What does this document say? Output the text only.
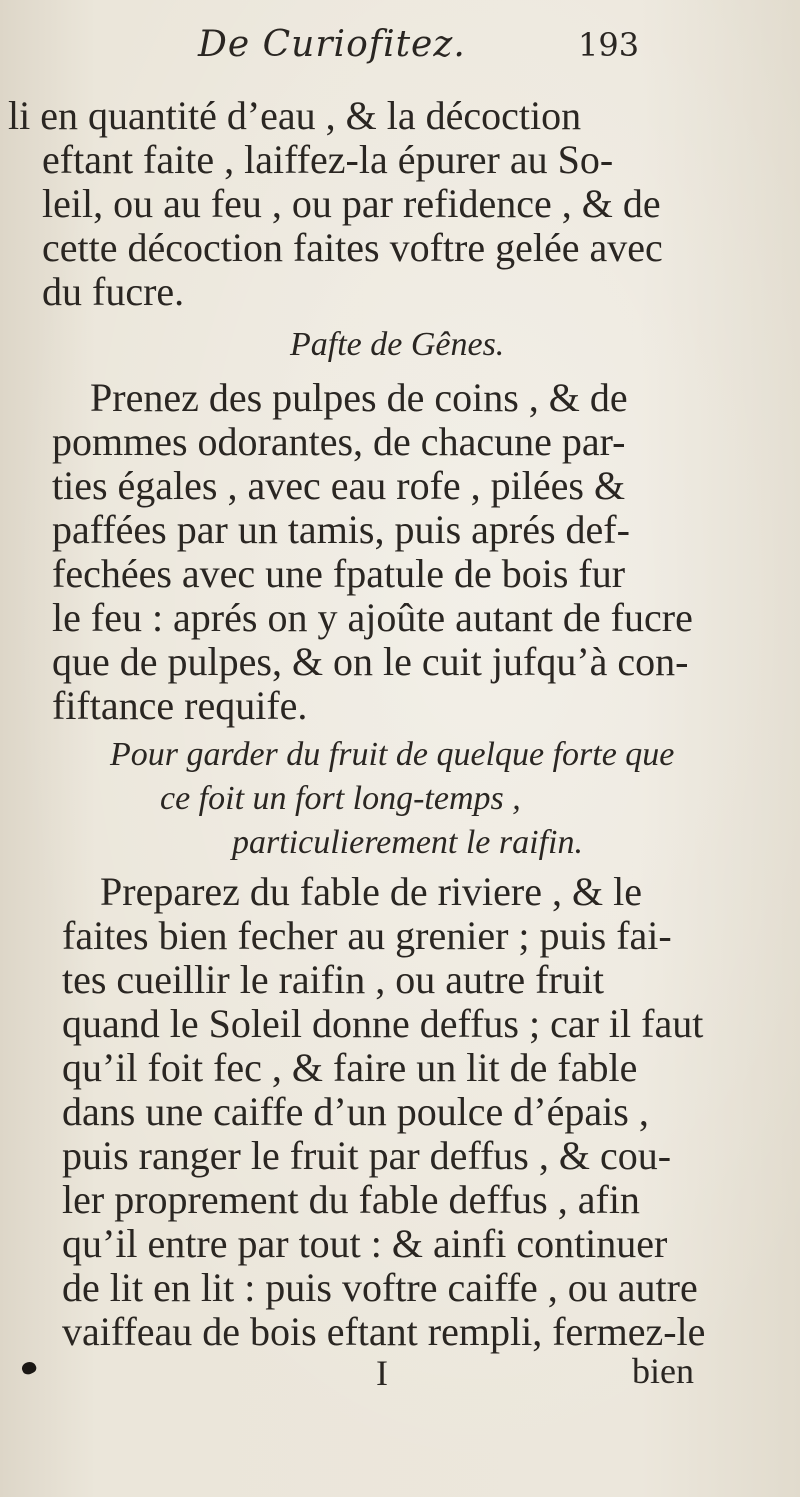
De Curiofitez.	193
li en quantité d’eau , & la décoction
eftant faite , laiffez-la épurer au So-
leil, ou au feu , ou par refidence , & de
cette décoction faites voftre gelée avec
du fucre.
Pafte de Gênes.
Prenez des pulpes de coins , & de
pommes odorantes, de chacune par-
ties égales , avec eau rofe , pilées &
paffées par un tamis, puis aprés def-
fechées avec une fpatule de bois fur
le feu : aprés on y ajoûte autant de fucre
que de pulpes, & on le cuit jufqu’à con-
fiftance requife.
Pour garder du fruit de quelque forte que
ce foit un fort long-temps ,
particulierement le raifin.
Preparez du fable de riviere , & le
faites bien fecher au grenier ; puis fai-
tes cueillir le raifin , ou autre fruit
quand le Soleil donne deffus ; car il faut
qu’il foit fec , & faire un lit de fable
dans une caiffe d’un poulce d’épais ,
puis ranger le fruit par deffus , & cou-
ler proprement du fable deffus , afin
qu’il entre par tout : & ainfi continuer
de lit en lit : puis voftre caiffe , ou autre
vaiffeau de bois eftant rempli, fermez-le
I	bien
